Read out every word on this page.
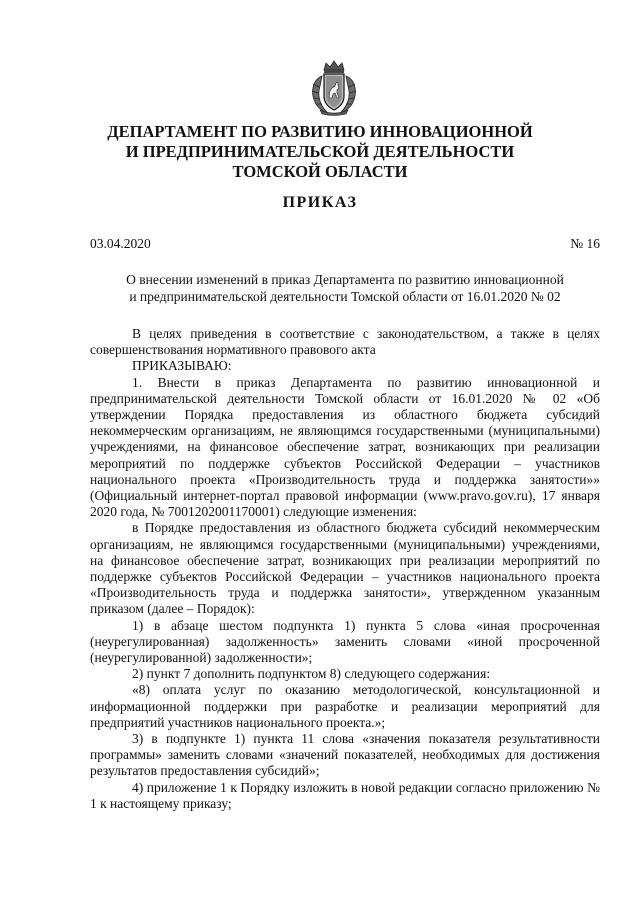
ДЕПАРТАМЕНТ ПО РАЗВИТИЮ ИННОВАЦИОННОЙ
И ПРЕДПРИНИМАТЕЛЬСКОЙ ДЕЯТЕЛЬНОСТИ
ТОМСКОЙ ОБЛАСТИ
ПРИКАЗ
03.04.2020	№ 16
О внесении изменений в приказ Департамента по развитию инновационной
и предпринимательской деятельности Томской области от 16.01.2020 № 02

В целях приведения в соответствие с законодательством, а также в целях совершенствования нормативного правового акта

ПРИКАЗЫВАЮ:

1. Внести в приказ Департамента по развитию инновационной и предпринимательской деятельности Томской области от 16.01.2020 № 02 «Об утверждении Порядка предоставления из областного бюджета субсидий некоммерческим организациям, не являющимся государственными (муниципальными) учреждениями, на финансовое обеспечение затрат, возникающих при реализации мероприятий по поддержке субъектов Российской Федерации – участников национального проекта «Производительность труда и поддержка занятости»» (Официальный интернет-портал правовой информации (www.pravo.gov.ru), 17 января 2020 года, № 7001202001170001) следующие изменения:

в Порядке предоставления из областного бюджета субсидий некоммерческим организациям, не являющимся государственными (муниципальными) учреждениями, на финансовое обеспечение затрат, возникающих при реализации мероприятий по поддержке субъектов Российской Федерации – участников национального проекта «Производительность труда и поддержка занятости», утвержденном указанным приказом (далее – Порядок):

1) в абзаце шестом подпункта 1) пункта 5 слова «иная просроченная (неурегулированная) задолженность» заменить словами «иной просроченной (неурегулированной) задолженности»;

2) пункт 7 дополнить подпунктом 8) следующего содержания:

«8) оплата услуг по оказанию методологической, консультационной и информационной поддержки при разработке и реализации мероприятий для предприятий участников национального проекта.»;

3) в подпункте 1) пункта 11 слова «значения показателя результативности программы» заменить словами «значений показателей, необходимых для достижения результатов предоставления субсидий»;

4) приложение 1 к Порядку изложить в новой редакции согласно приложению № 1 к настоящему приказу;
